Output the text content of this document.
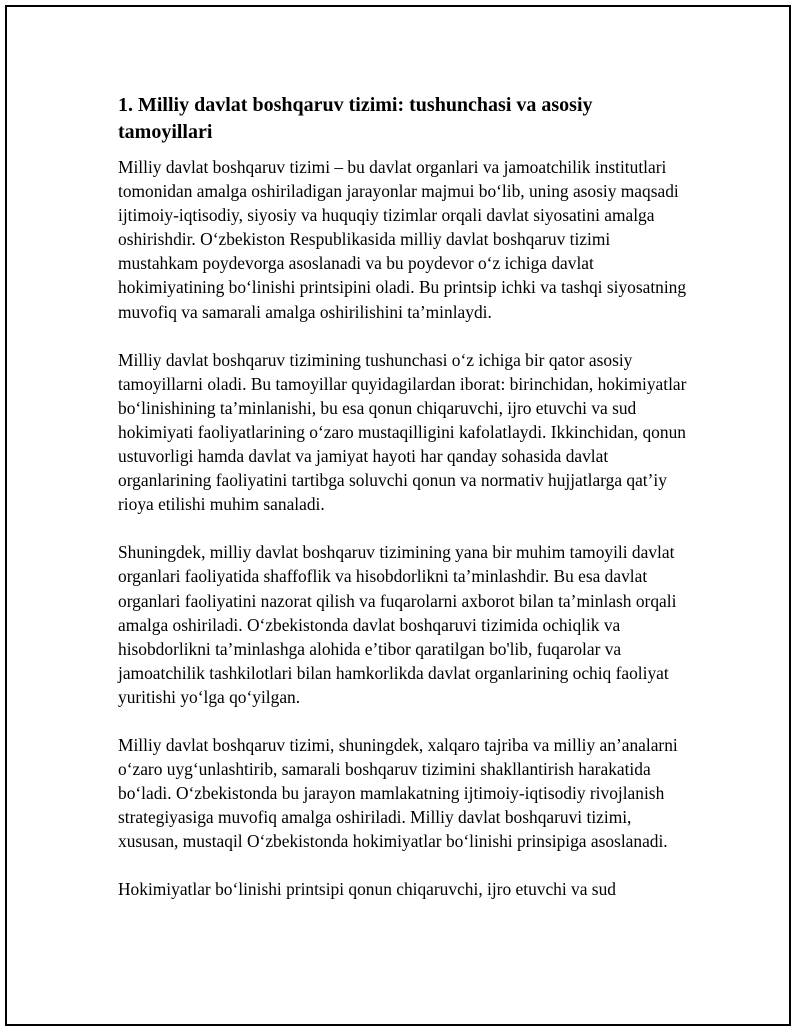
1. Milliy davlat boshqaruv tizimi: tushunchasi va asosiy tamoyillari

Milliy davlat boshqaruv tizimi – bu davlat organlari va jamoatchilik institutlari tomonidan amalga oshiriladigan jarayonlar majmui bo‘lib, uning asosiy maqsadi ijtimoiy-iqtisodiy, siyosiy va huquqiy tizimlar orqali davlat siyosatini amalga oshirishdir. O‘zbekiston Respublikasida milliy davlat boshqaruv tizimi mustahkam poydevorga asoslanadi va bu poydevor o‘z ichiga davlat hokimiyatining bo‘linishi printsipini oladi. Bu printsip ichki va tashqi siyosatning muvofiq va samarali amalga oshirilishini ta’minlaydi.

Milliy davlat boshqaruv tizimining tushunchasi o‘z ichiga bir qator asosiy tamoyillarni oladi. Bu tamoyillar quyidagilardan iborat: birinchidan, hokimiyatlar bo‘linishining ta’minlanishi, bu esa qonun chiqaruvchi, ijro etuvchi va sud hokimiyati faoliyatlarining o‘zaro mustaqilligini kafolatlaydi. Ikkinchidan, qonun ustuvorligi hamda davlat va jamiyat hayoti har qanday sohasida davlat organlarining faoliyatini tartibga soluvchi qonun va normativ hujjatlarga qat’iy rioya etilishi muhim sanaladi.

Shuningdek, milliy davlat boshqaruv tizimining yana bir muhim tamoyili davlat organlari faoliyatida shaffoflik va hisobdorlikni ta’minlashdir. Bu esa davlat organlari faoliyatini nazorat qilish va fuqarolarni axborot bilan ta’minlash orqali amalga oshiriladi. O‘zbekistonda davlat boshqaruvi tizimida ochiqlik va hisobdorlikni ta’minlashga alohida e’tibor qaratilgan bo'lib, fuqarolar va jamoatchilik tashkilotlari bilan hamkorlikda davlat organlarining ochiq faoliyat yuritishi yo‘lga qo‘yilgan.

Milliy davlat boshqaruv tizimi, shuningdek, xalqaro tajriba va milliy an’analarni o‘zaro uyg‘unlashtirib, samarali boshqaruv tizimini shakllantirish harakatida bo‘ladi. O‘zbekistonda bu jarayon mamlakatning ijtimoiy-iqtisodiy rivojlanish strategiyasiga muvofiq amalga oshiriladi. Milliy davlat boshqaruvi tizimi, xususan, mustaqil O‘zbekistonda hokimiyatlar bo‘linishi prinsipiga asoslanadi.

Hokimiyatlar bo‘linishi printsipi qonun chiqaruvchi, ijro etuvchi va sud
